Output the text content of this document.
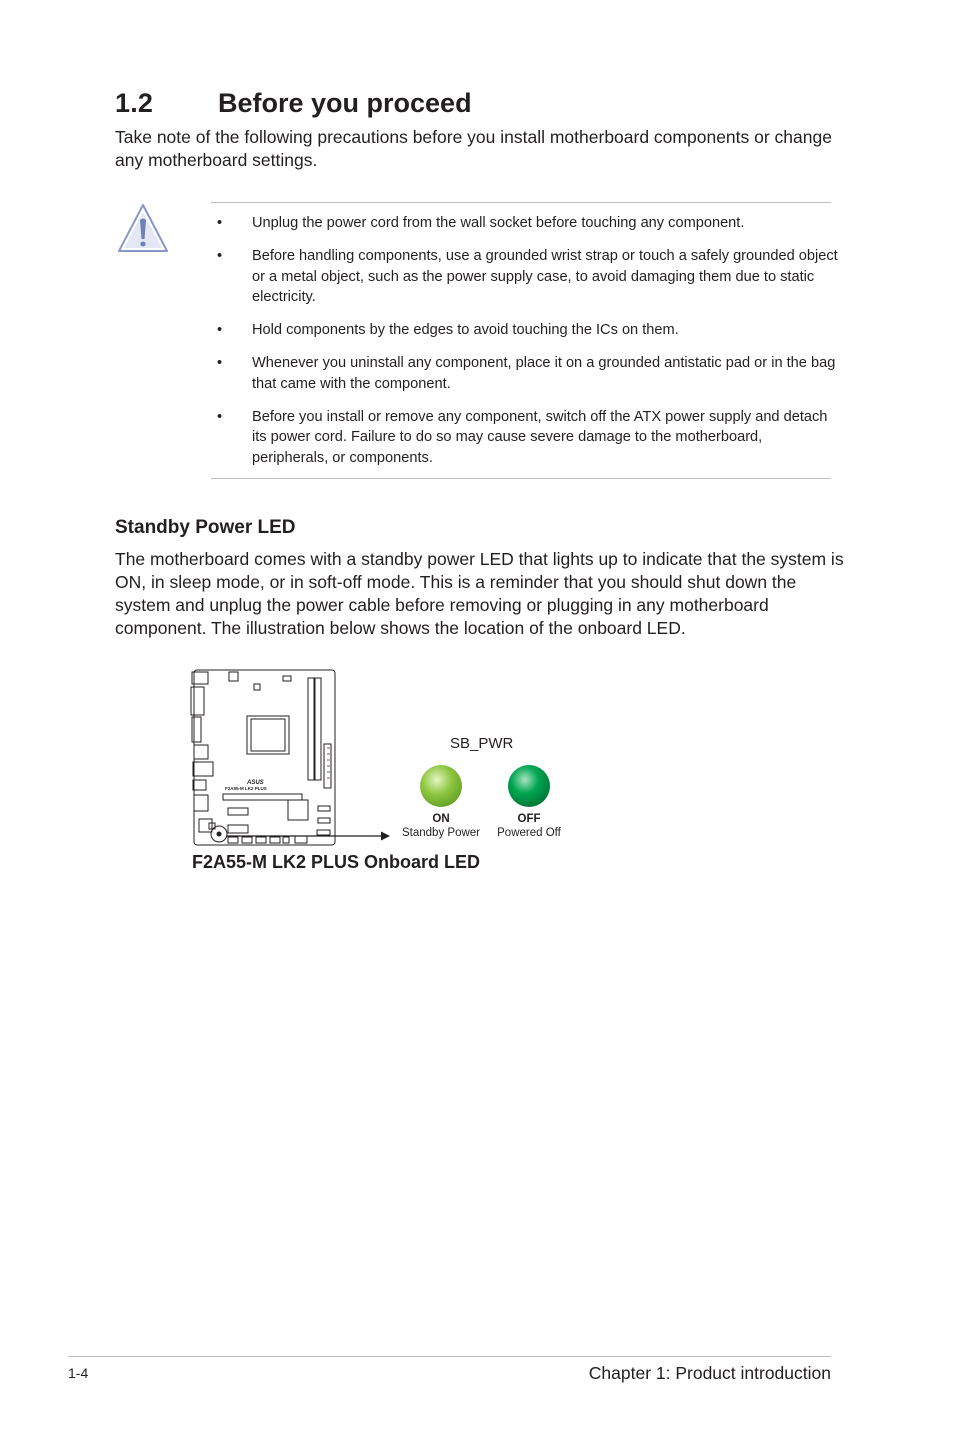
1.2 Before you proceed
Take note of the following precautions before you install motherboard components or change any motherboard settings.
• Unplug the power cord from the wall socket before touching any component.
• Before handling components, use a grounded wrist strap or touch a safely grounded object or a metal object, such as the power supply case, to avoid damaging them due to static electricity.
• Hold components by the edges to avoid touching the ICs on them.
• Whenever you uninstall any component, place it on a grounded antistatic pad or in the bag that came with the component.
• Before you install or remove any component, switch off the ATX power supply and detach its power cord. Failure to do so may cause severe damage to the motherboard, peripherals, or components.
Standby Power LED
The motherboard comes with a standby power LED that lights up to indicate that the system is ON, in sleep mode, or in soft-off mode. This is a reminder that you should shut down the system and unplug the power cable before removing or plugging in any motherboard component. The illustration below shows the location of the onboard LED.
ASUS
F2A55-M LK2 PLUS
SB_PWR
ON
Standby Power
OFF
Powered Off
F2A55-M LK2 PLUS Onboard LED
1-4	Chapter 1: Product introduction
